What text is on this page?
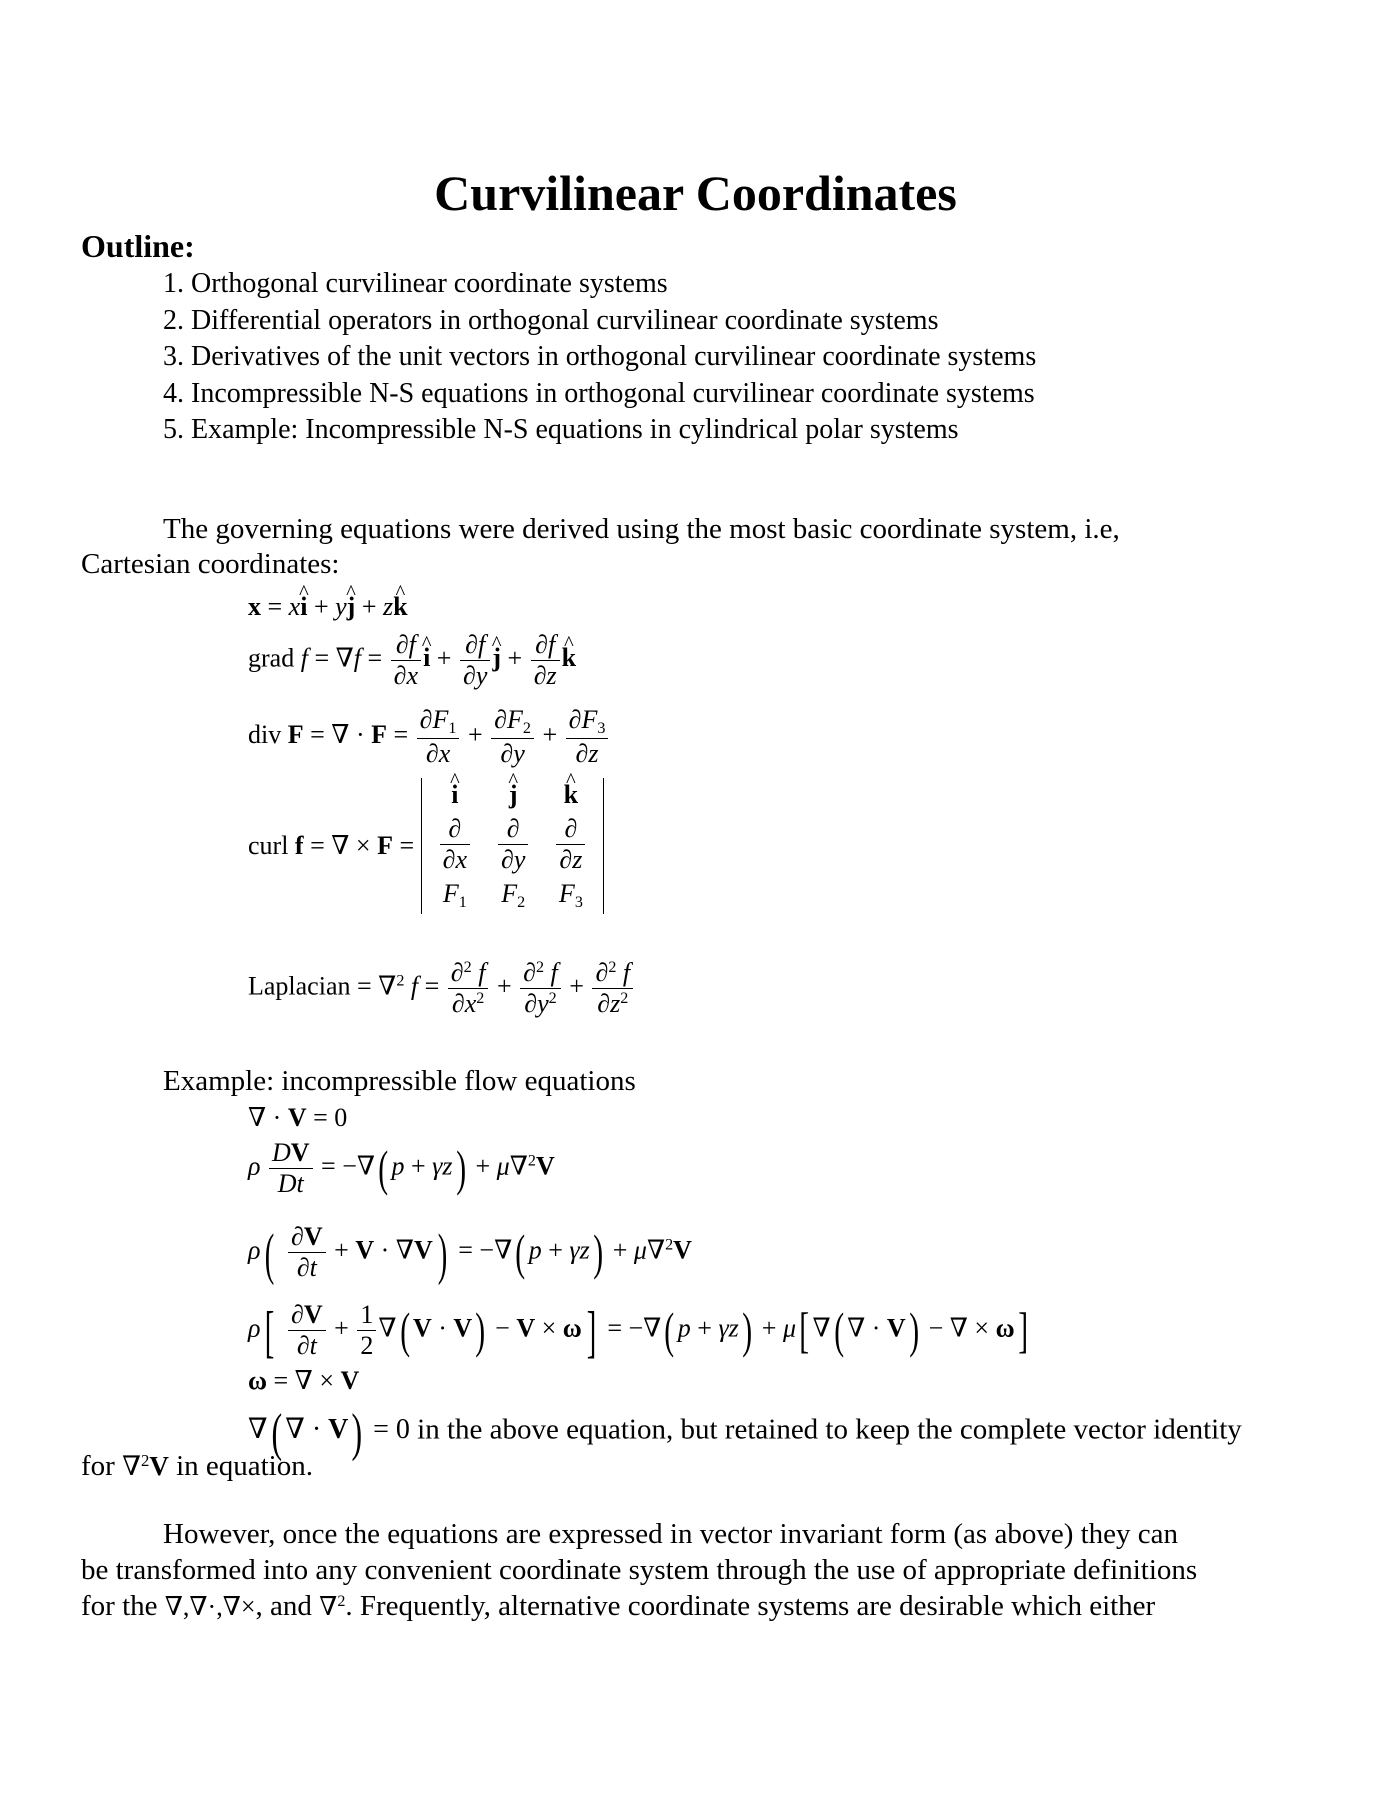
Curvilinear Coordinates
Outline:
1. Orthogonal curvilinear coordinate systems
2. Differential operators in orthogonal curvilinear coordinate systems
3. Derivatives of the unit vectors in orthogonal curvilinear coordinate systems
4. Incompressible N-S equations in orthogonal curvilinear coordinate systems
5. Example: Incompressible N-S equations in cylindrical polar systems
The governing equations were derived using the most basic coordinate system, i.e,
Cartesian coordinates:
x = x^ i + y^ j + z^ k
grad $f = \nabla f = \frac{\partial f}{\partial x}$ ^ $i + \frac{\partial f}{\partial y}$ ^ $j + \frac{\partial f}{\partial z}$ ^ k
div F = ∇ · $F = \frac{\partial F_1}{\partial x} + \frac{\partial F_2}{\partial y} + \frac{\partial F_3}{\partial z}$
curl f = ∇ × F =
^ i	^ j	^ k

$\frac{\partial}{\partial x}$	$\frac{\partial}{\partial y}$	$\frac{\partial}{\partial z}$

$F_1$	$F_2$	$F_3$
Laplacian = ∇$^2$ $f = \frac{\partial^2 f}{\partial x^2} + \frac{\partial^2 f}{\partial y^2} + \frac{\partial^2 f}{\partial z^2}$
Example: incompressible flow equations
∇ · V = 0
ρ $\frac{DV}{Dt}$ = −∇( p + γz) + μ∇$^2$V
$\rho( \frac{\partial V}{\partial t} + V \cdot \nabla V)$ = −∇( p + γz) + μ∇$^2$V
$\rho[ \frac{\partial V}{\partial t} + \frac{1}{2}$ ∇( V · V) − V × ω] = −∇( p + γz) + μ[ ∇( ∇ · V) − ∇ × ω]
ω = ∇ × V
∇( ∇ · V) = 0 in the above equation, but retained to keep the complete vector identity
for ∇$^2$V in equation.
However, once the equations are expressed in vector invariant form (as above) they can
be transformed into any convenient coordinate system through the use of appropriate definitions
for the ∇,∇·,∇×, and ∇$^2$. Frequently, alternative coordinate systems are desirable which either
